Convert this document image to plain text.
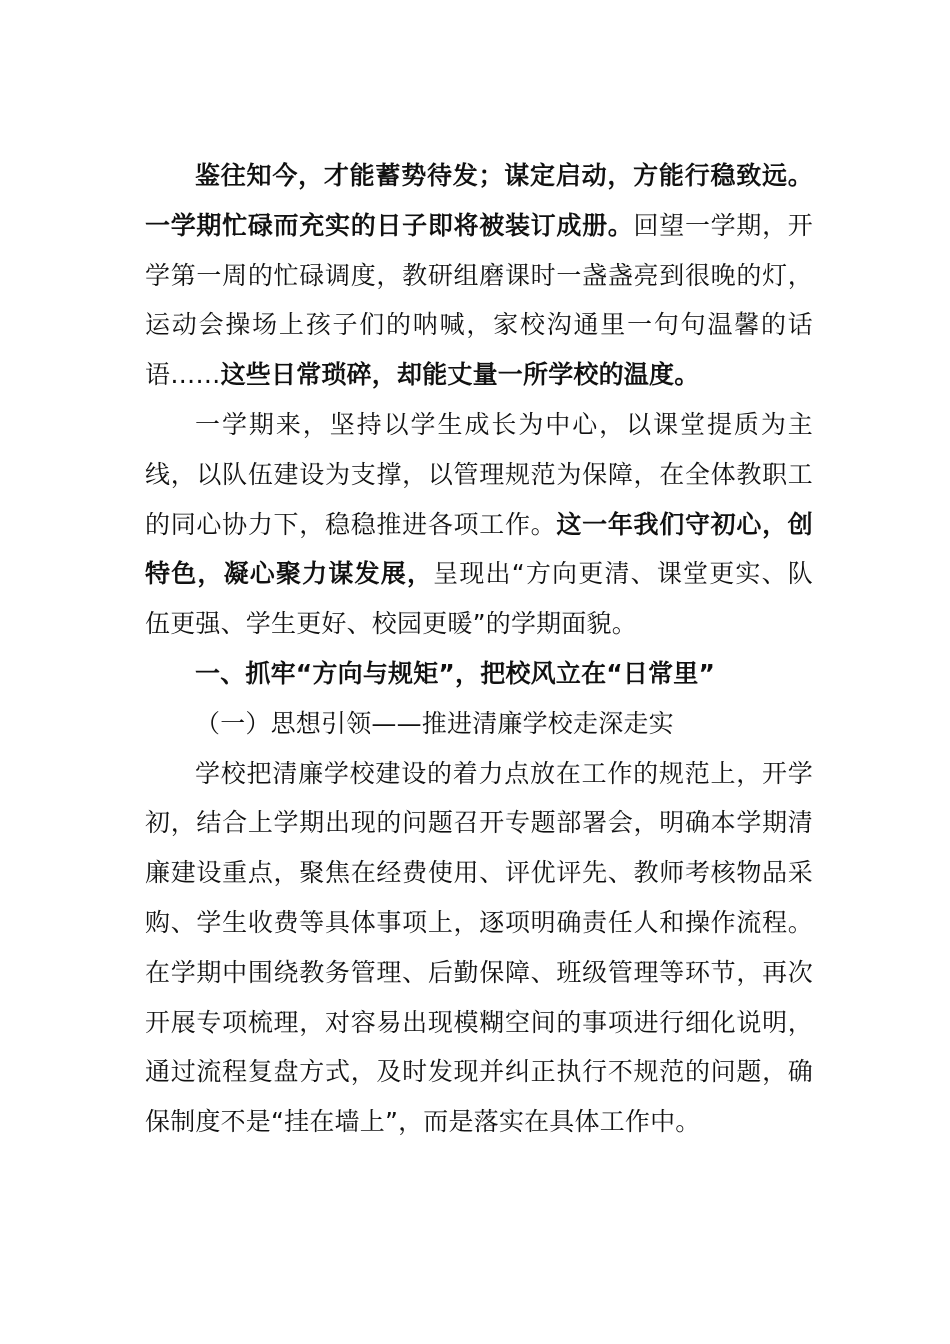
鉴往知今，才能蓄势待发；谋定启动，方能行稳致远。一学期忙碌而充实的日子即将被装订成册。回望一学期，开学第一周的忙碌调度，教研组磨课时一盏盏亮到很晚的灯，运动会操场上孩子们的呐喊，家校沟通里一句句温馨的话语……这些日常琐碎，却能丈量一所学校的温度。

一学期来，坚持以学生成长为中心，以课堂提质为主线，以队伍建设为支撑，以管理规范为保障，在全体教职工的同心协力下，稳稳推进各项工作。这一年我们守初心，创特色，凝心聚力谋发展，呈现出“方向更清、课堂更实、队伍更强、学生更好、校园更暖”的学期面貌。

一、抓牢“方向与规矩”，把校风立在“日常里”

（一）思想引领——推进清廉学校走深走实

学校把清廉学校建设的着力点放在工作的规范上，开学初，结合上学期出现的问题召开专题部署会，明确本学期清廉建设重点，聚焦在经费使用、评优评先、教师考核物品采购、学生收费等具体事项上，逐项明确责任人和操作流程。在学期中围绕教务管理、后勤保障、班级管理等环节，再次开展专项梳理，对容易出现模糊空间的事项进行细化说明，通过流程复盘方式，及时发现并纠正执行不规范的问题，确保制度不是“挂在墙上”，而是落实在具体工作中。
